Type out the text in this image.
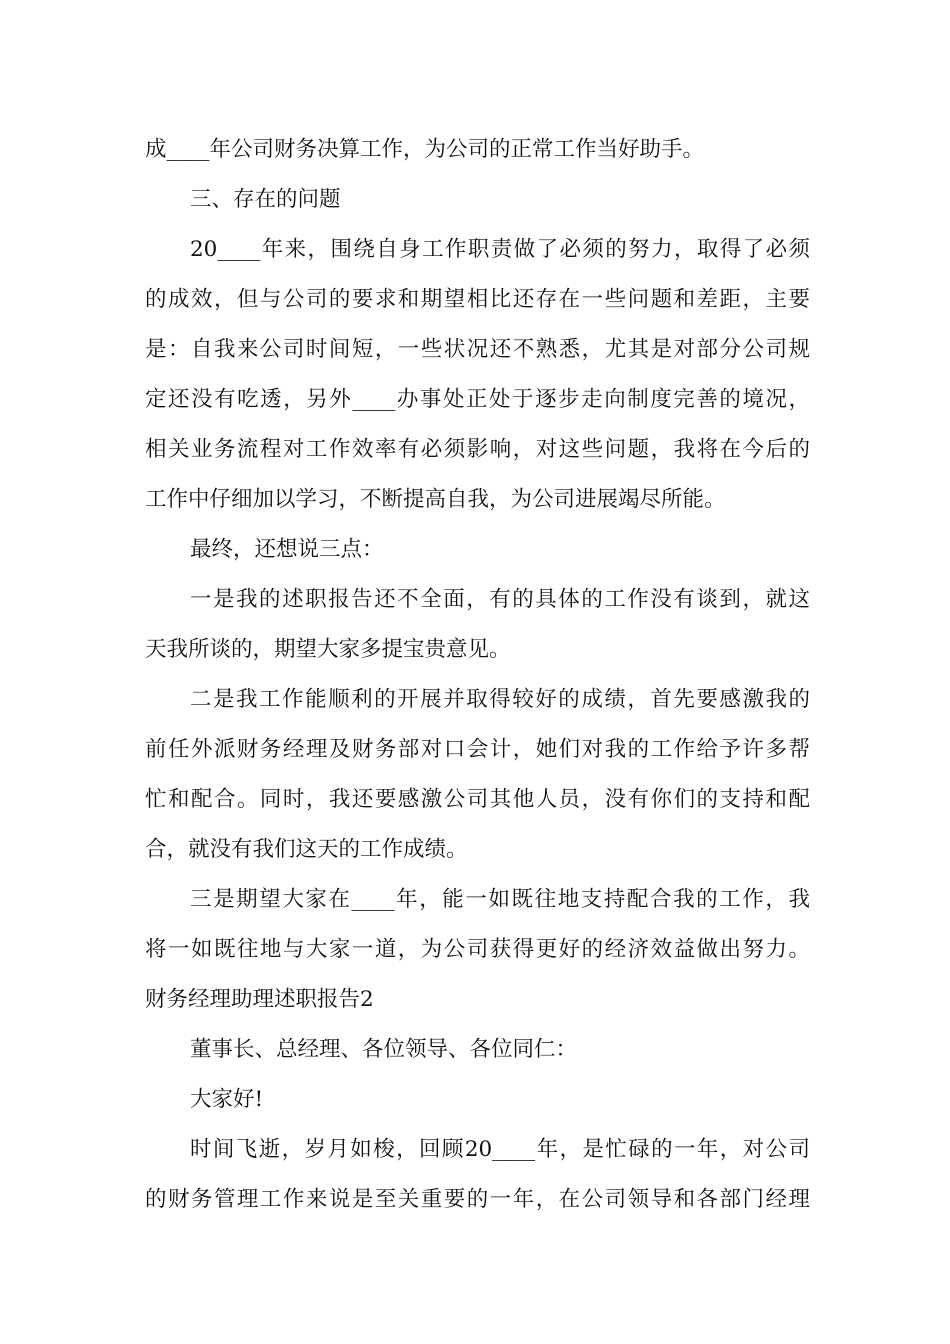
成____年公司财务决算工作，为公司的正常工作当好助手。
三、存在的问题
20____年来，围绕自身工作职责做了必须的努力，取得了必须
的成效，但与公司的要求和期望相比还存在一些问题和差距，主要
是：自我来公司时间短，一些状况还不熟悉，尤其是对部分公司规
定还没有吃透，另外____办事处正处于逐步走向制度完善的境况，
相关业务流程对工作效率有必须影响，对这些问题，我将在今后的
工作中仔细加以学习，不断提高自我，为公司进展竭尽所能。
最终，还想说三点：
一是我的述职报告还不全面，有的具体的工作没有谈到，就这
天我所谈的，期望大家多提宝贵意见。
二是我工作能顺利的开展并取得较好的成绩，首先要感激我的
前任外派财务经理及财务部对口会计，她们对我的工作给予许多帮
忙和配合。同时，我还要感激公司其他人员，没有你们的支持和配
合，就没有我们这天的工作成绩。
三是期望大家在____年，能一如既往地支持配合我的工作，我
将一如既往地与大家一道，为公司获得更好的经济效益做出努力。
财务经理助理述职报告2
董事长、总经理、各位领导、各位同仁：
大家好!
时间飞逝，岁月如梭，回顾20____年，是忙碌的一年，对公司
的财务管理工作来说是至关重要的一年，在公司领导和各部门经理
